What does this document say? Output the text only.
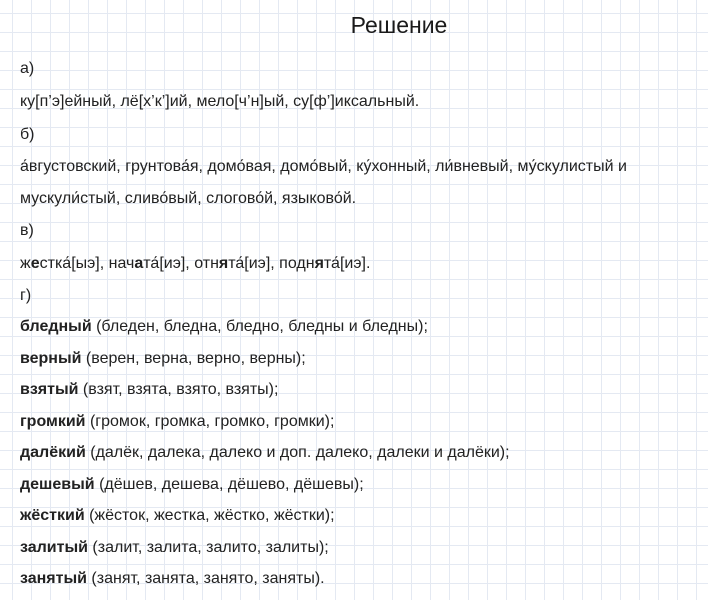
Решение
а)
ку[п’э]ейный, лё[х’к’]ий, мело[ч’н]ый, су[ф’]иксальный.
б)
а́вгустовский, грунтова́я, домо́вая, домо́вый, ку́хонный, ли́вневый, му́скулистый и
мускули́стый, сливо́вый, слогово́й, языково́й.
в)
жестка́[ыэ], начата́[иэ], отнята́[иэ], поднята́[иэ].
г)
бледный (бледен, бледна, бледно, бледны и бледны);
верный (верен, верна, верно, верны);
взятый (взят, взята, взято, взяты);
громкий (громок, громка, громко, громки);
далёкий (далёк, далека, далеко и доп. далеко, далеки и далёки);
дешевый (дёшев, дешева, дёшево, дёшевы);
жёсткий (жёсток, жестка, жёстко, жёстки);
залитый (залит, залита, залито, залиты);
занятый (занят, занята, занято, заняты).
